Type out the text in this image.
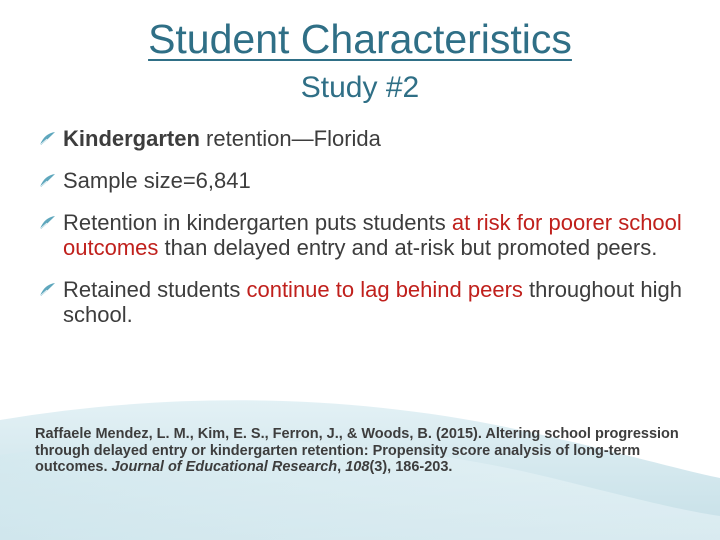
Student Characteristics
Study #2
Kindergarten retention—Florida
Sample size=6,841
Retention in kindergarten puts students at risk for poorer school outcomes than delayed entry and at-risk but promoted peers.
Retained students continue to lag behind peers throughout high school.
Raffaele Mendez, L. M., Kim, E. S., Ferron, J., & Woods, B. (2015). Altering school progression through delayed entry or kindergarten retention: Propensity score analysis of long-term outcomes. Journal of Educational Research, 108(3), 186-203.
